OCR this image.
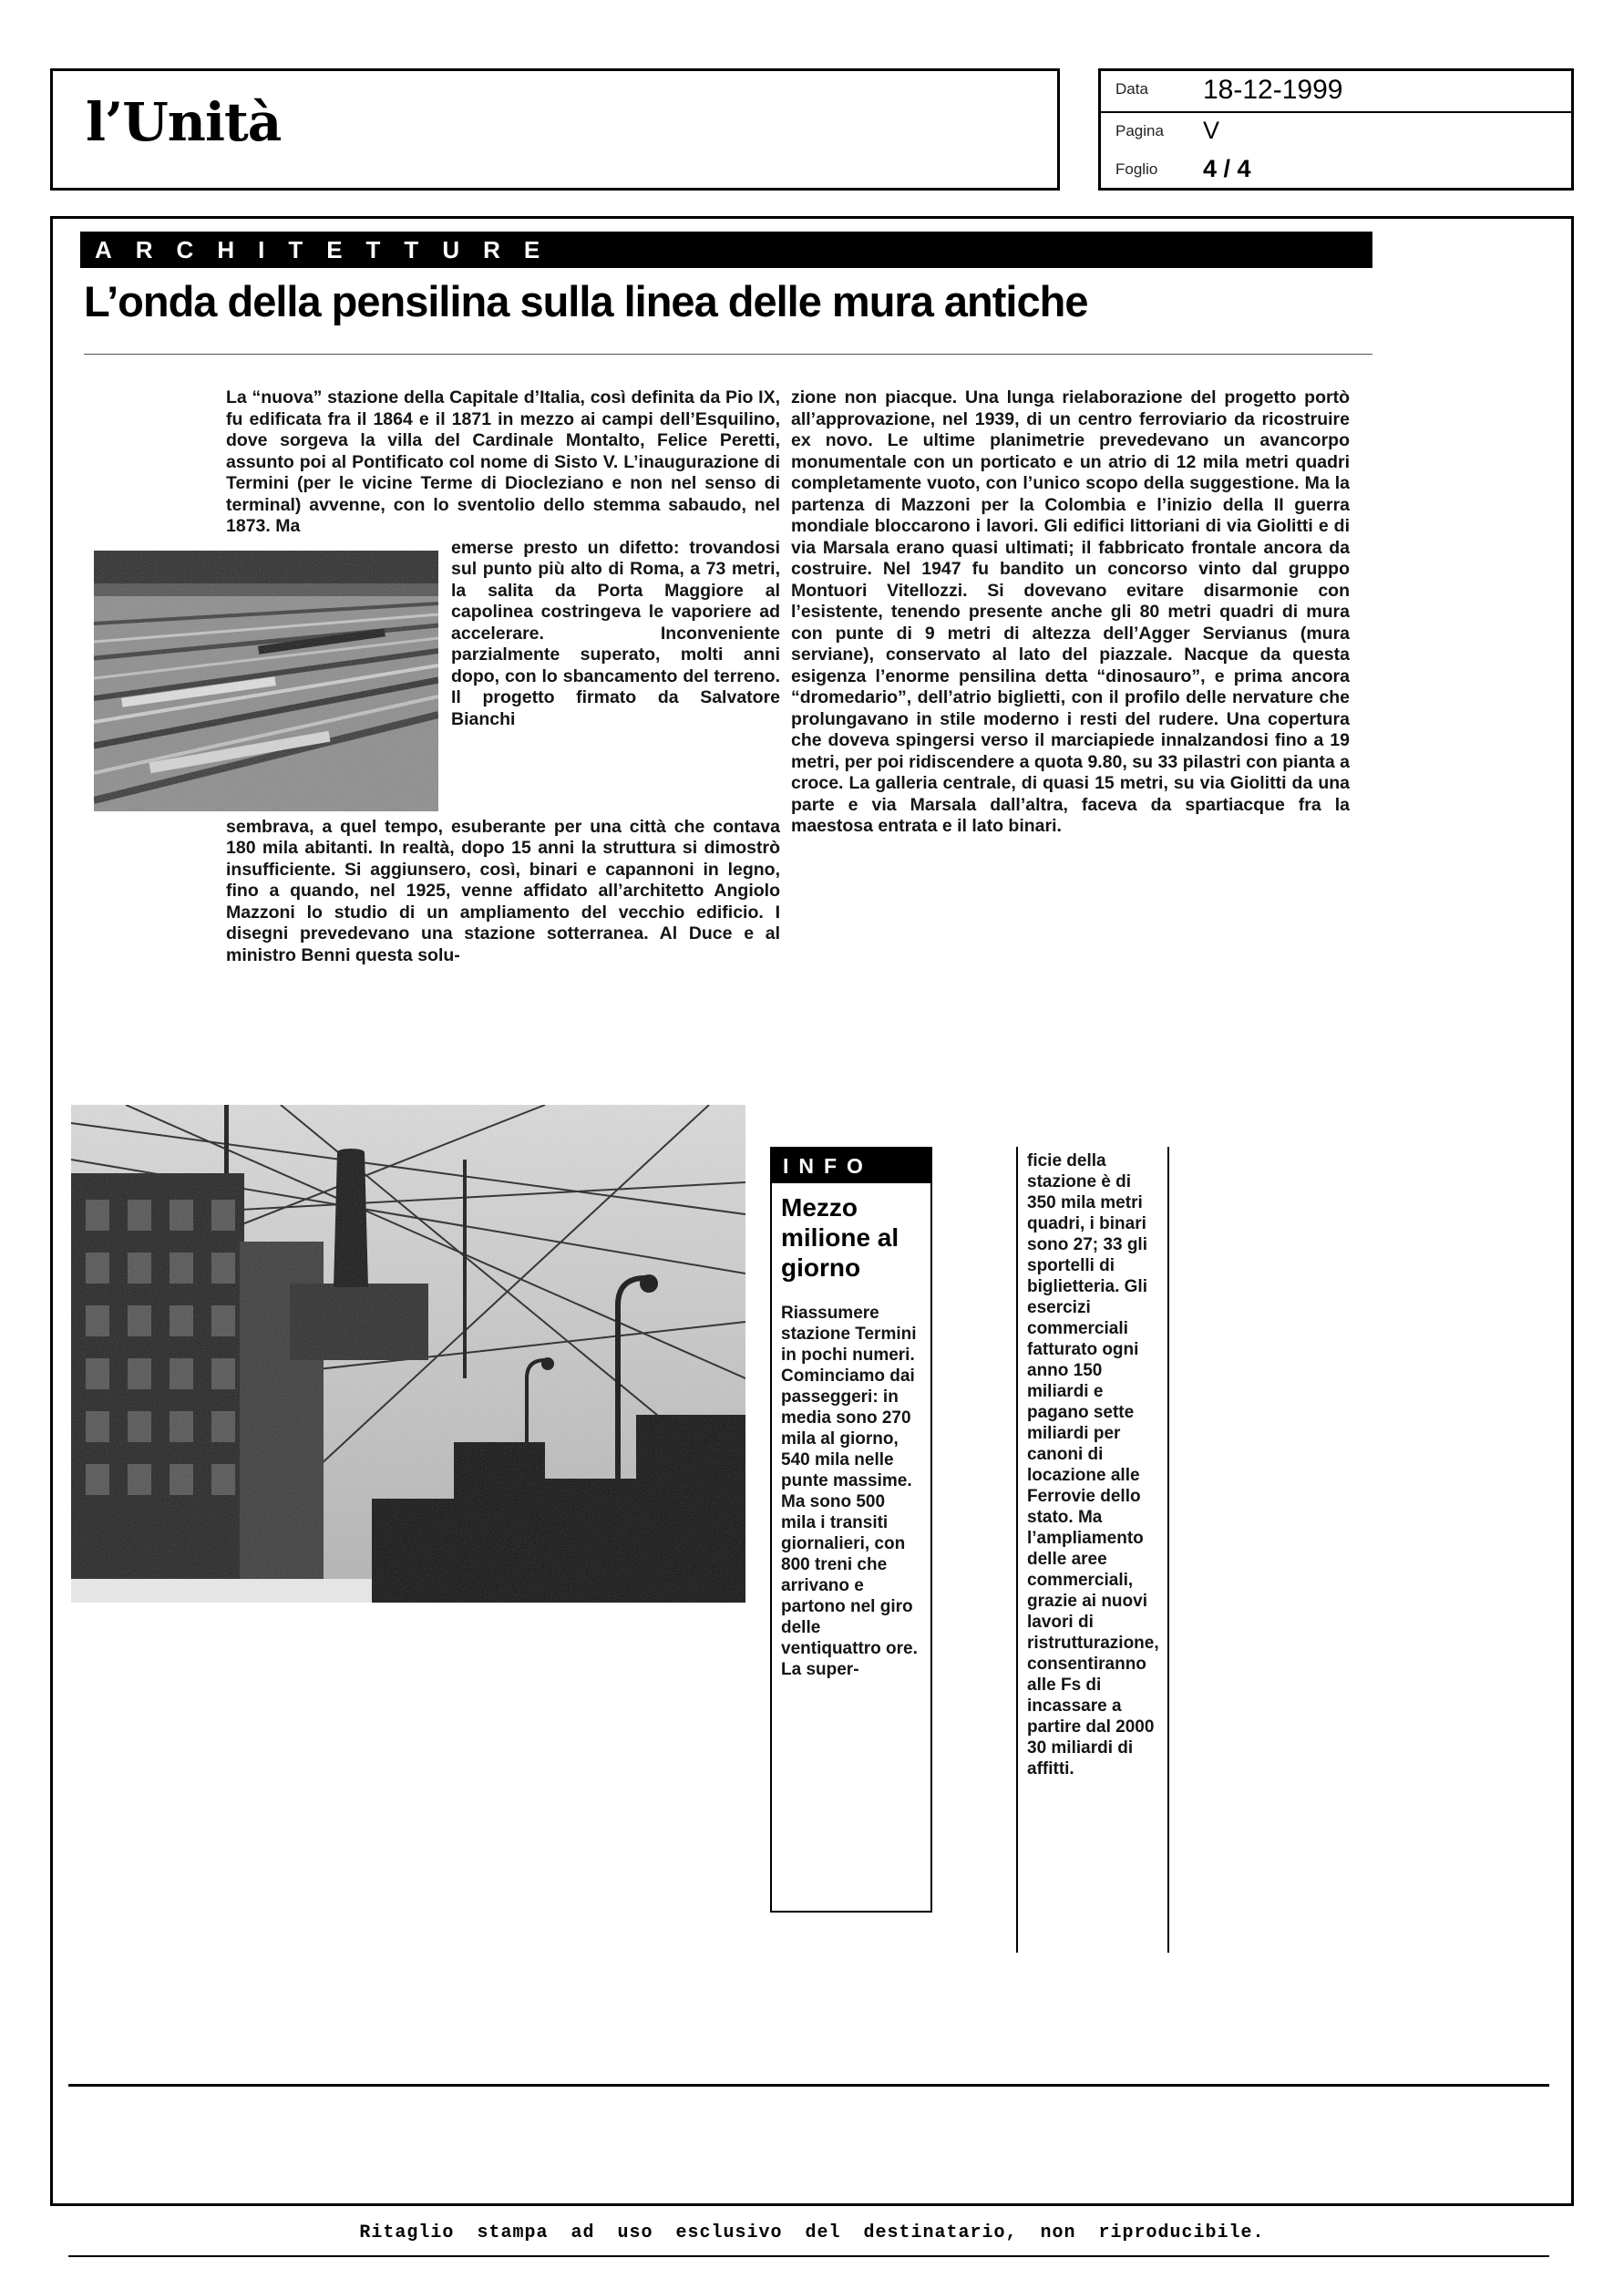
l’Unità
Data 18-12-1999
Pagina V
Foglio 4 / 4
ARCHITETTURE
L’onda della pensilina sulla linea delle mura antiche

La “nuova” stazione della Capitale d’Italia, così definita da Pio IX, fu edificata fra il 1864 e il 1871 in mezzo ai campi dell’Esquilino, dove sorgeva la villa del Cardinale Montalto, Felice Peretti, assunto poi al Pontificato col nome di Sisto V. L’inaugurazione di Termini (per le vicine Terme di Diocleziano e non nel senso di terminal) avvenne, con lo sventolio dello stemma sabaudo, nel 1873. Ma

emerse presto un difetto: trovandosi sul punto più alto di Roma, a 73 metri, la salita da Porta Maggiore al capolinea costringeva le vaporiere ad accelerare. Inconveniente parzialmente superato, molti anni dopo, con lo sbancamento del terreno. Il progetto firmato da Salvatore Bianchi

sembrava, a quel tempo, esuberante per una città che contava 180 mila abitanti. In realtà, dopo 15 anni la struttura si dimostrò insufficiente. Si aggiunsero, così, binari e capannoni in legno, fino a quando, nel 1925, venne affidato all’architetto Angiolo Mazzoni lo studio di un ampliamento del vecchio edificio. I disegni prevedevano una stazione sotterranea. Al Duce e al ministro Benni questa solu-

zione non piacque. Una lunga rielaborazione del progetto portò all’approvazione, nel 1939, di un centro ferroviario da ricostruire ex novo. Le ultime planimetrie prevedevano un avancorpo monumentale con un porticato e un atrio di 12 mila metri quadri completamente vuoto, con l’unico scopo della suggestione. Ma la partenza di Mazzoni per la Colombia e l’inizio della II guerra mondiale bloccarono i lavori. Gli edifici littoriani di via Giolitti e di via Marsala erano quasi ultimati; il fabbricato frontale ancora da costruire. Nel 1947 fu bandito un concorso vinto dal gruppo Montuori Vitellozzi. Si dovevano evitare disarmonie con l’esistente, tenendo presente anche gli 80 metri quadri di mura con punte di 9 metri di altezza dell’Agger Servianus (mura serviane), conservato al lato del piazzale. Nacque da questa esigenza l’enorme pensilina detta “dinosauro”, e prima ancora “dromedario”, dell’atrio biglietti, con il profilo delle nervature che prolungavano in stile moderno i resti del rudere. Una copertura che doveva spingersi verso il marciapiede innalzandosi fino a 19 metri, per poi ridiscendere a quota 9.80, su 33 pilastri con pianta a croce. La galleria centrale, di quasi 15 metri, su via Giolitti da una parte e via Marsala dall’altra, faceva da spartiacque fra la maestosa entrata e il lato binari.

INFO
Mezzo milione al giorno
Riassumere stazione Termini in pochi numeri. Cominciamo dai passeggeri: in media sono 270 mila al giorno, 540 mila nelle punte massime. Ma sono 500 mila i transiti giornalieri, con 800 treni che arrivano e partono nel giro delle ventiquattro ore. La super-
ficie della stazione è di 350 mila metri quadri, i binari sono 27; 33 gli sportelli di biglietteria. Gli esercizi commerciali fatturato ogni anno 150 miliardi e pagano sette miliardi per canoni di locazione alle Ferrovie dello stato. Ma l’ampliamento delle aree commerciali, grazie ai nuovi lavori di ristrutturazione, consentiranno alle Fs di incassare a partire dal 2000 30 miliardi di affitti.
Ritaglio stampa ad uso esclusivo del destinatario, non riproducibile.
